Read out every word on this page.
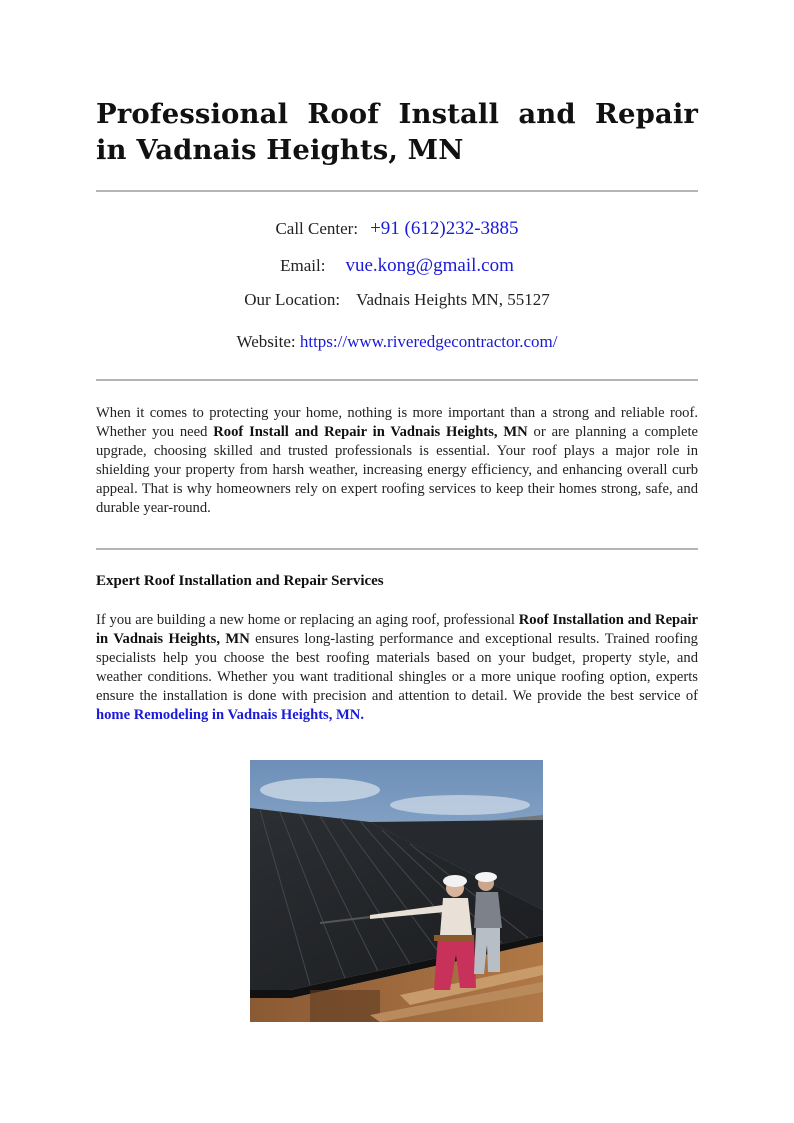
Professional Roof Install and Repair in Vadnais Heights, MN
Call Center: +91 (612)232-3885
Email: vue.kong@gmail.com
Our Location: Vadnais Heights MN, 55127
Website: https://www.riveredgecontractor.com/

When it comes to protecting your home, nothing is more important than a strong and reliable roof. Whether you need Roof Install and Repair in Vadnais Heights, MN or are planning a complete upgrade, choosing skilled and trusted professionals is essential. Your roof plays a major role in shielding your property from harsh weather, increasing energy efficiency, and enhancing overall curb appeal. That is why homeowners rely on expert roofing services to keep their homes strong, safe, and durable year-round.

Expert Roof Installation and Repair Services

If you are building a new home or replacing an aging roof, professional Roof Installation and Repair in Vadnais Heights, MN ensures long-lasting performance and exceptional results. Trained roofing specialists help you choose the best roofing materials based on your budget, property style, and weather conditions. Whether you want traditional shingles or a more unique roofing option, experts ensure the installation is done with precision and attention to detail. We provide the best service of home Remodeling in Vadnais Heights, MN.
